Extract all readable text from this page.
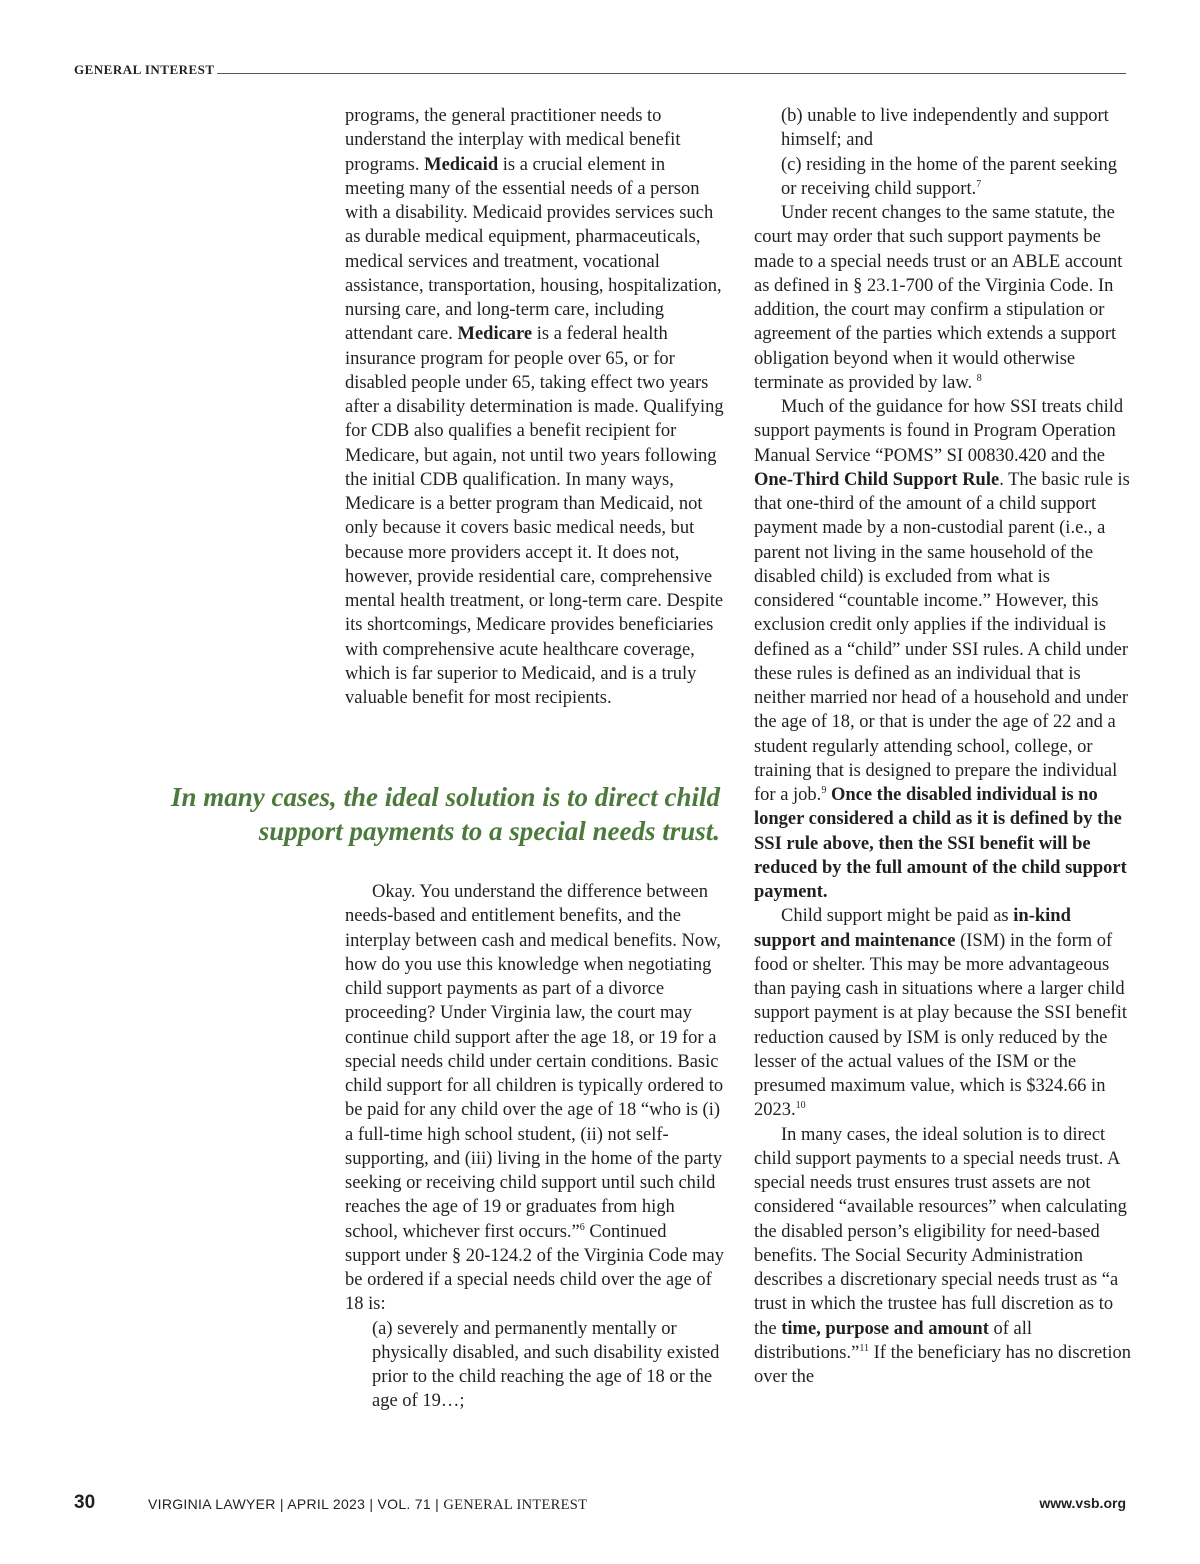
GENERAL INTEREST

programs, the general practitioner needs to understand the interplay with medical benefit programs. Medicaid is a crucial element in meeting many of the essential needs of a person with a disability. Medicaid provides services such as durable medical equipment, pharmaceuticals, medical services and treatment, vocational assistance, transportation, housing, hospitalization, nursing care, and long-term care, including attendant care. Medicare is a federal health insurance program for people over 65, or for disabled people under 65, taking effect two years after a disability determination is made. Qualifying for CDB also qualifies a benefit recipient for Medicare, but again, not until two years following the initial CDB qualification. In many ways, Medicare is a better program than Medicaid, not only because it covers basic medical needs, but because more providers accept it. It does not, however, provide residential care, comprehensive mental health treatment, or long-term care. Despite its shortcomings, Medicare provides beneficiaries with comprehensive acute healthcare coverage, which is far superior to Medicaid, and is a truly valuable benefit for most recipients.

In many cases, the ideal solution is to direct child support payments to a special needs trust.

Okay. You understand the difference between needs-based and entitlement benefits, and the interplay between cash and medical benefits. Now, how do you use this knowledge when negotiating child support payments as part of a divorce proceeding? Under Virginia law, the court may continue child support after the age 18, or 19 for a special needs child under certain conditions. Basic child support for all children is typically ordered to be paid for any child over the age of 18 “who is (i) a full-time high school student, (ii) not self-supporting, and (iii) living in the home of the party seeking or receiving child support until such child reaches the age of 19 or graduates from high school, whichever first occurs.”$^6$ Continued support under § 20-124.2 of the Virginia Code may be ordered if a special needs child over the age of 18 is:

(a) severely and permanently mentally or physically disabled, and such disability existed prior to the child reaching the age of 18 or the age of 19…;

(b) unable to live independently and support himself; and

(c) residing in the home of the parent seeking or receiving child support.$^7$

Under recent changes to the same statute, the court may order that such support payments be made to a special needs trust or an ABLE account as defined in § 23.1-700 of the Virginia Code. In addition, the court may confirm a stipulation or agreement of the parties which extends a support obligation beyond when it would otherwise terminate as provided by law. $^8$

Much of the guidance for how SSI treats child support payments is found in Program Operation Manual Service “POMS” SI 00830.420 and the One-Third Child Support Rule. The basic rule is that one-third of the amount of a child support payment made by a non-custodial parent (i.e., a parent not living in the same household of the disabled child) is excluded from what is considered “countable income.” However, this exclusion credit only applies if the individual is defined as a “child” under SSI rules. A child under these rules is defined as an individual that is neither married nor head of a household and under the age of 18, or that is under the age of 22 and a student regularly attending school, college, or training that is designed to prepare the individual for a job.$^9$ Once the disabled individual is no longer considered a child as it is defined by the SSI rule above, then the SSI benefit will be reduced by the full amount of the child support payment.

Child support might be paid as in-kind support and maintenance (ISM) in the form of food or shelter. This may be more advantageous than paying cash in situations where a larger child support payment is at play because the SSI benefit reduction caused by ISM is only reduced by the lesser of the actual values of the ISM or the presumed maximum value, which is $324.66 in 2023.10

In many cases, the ideal solution is to direct child support payments to a special needs trust. A special needs trust ensures trust assets are not considered “available resources” when calculating the disabled person’s eligibility for need-based benefits. The Social Security Administration describes a discretionary special needs trust as “a trust in which the trustee has full discretion as to the time, purpose and amount of all distributions.”$^{11}$ If the beneficiary has no discretion over the

30	VIRGINIA LAWYER | APRIL 2023 | VOL. 71 | GENERAL INTEREST	www.vsb.org
